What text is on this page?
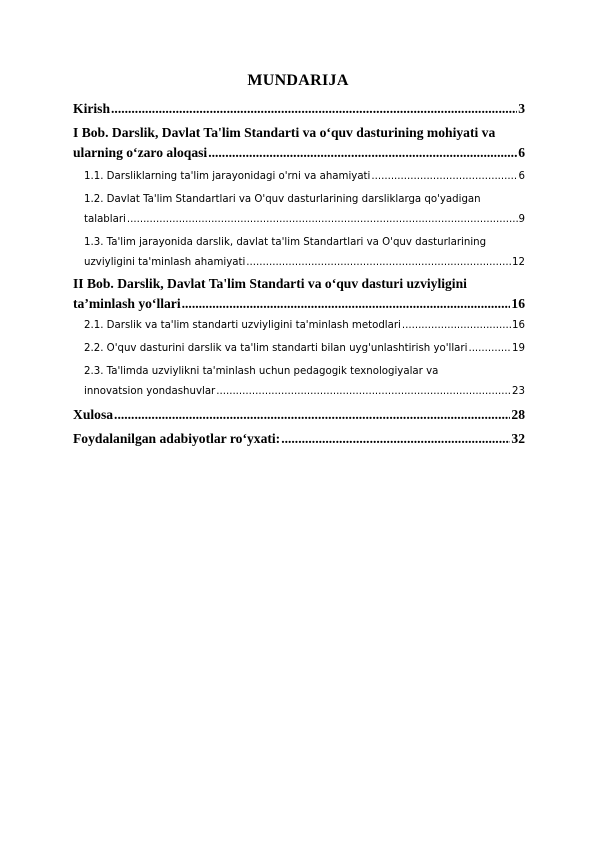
MUNDARIJA
Kirish .....	3
I Bob. Darslik, Davlat Ta'lim Standarti va o‘quv dasturining mohiyati va
ularning o‘zaro aloqasi .....	6
1.1. Darsliklarning ta'lim jarayonidagi o'rni va ahamiyati .....	6
1.2. Davlat Ta'lim Standartlari va O'quv dasturlarining darsliklarga qo'yadigan
talablari .....	9
1.3. Ta'lim jarayonida darslik, davlat ta'lim Standartlari va O'quv dasturlarining
uzviyligini ta'minlash ahamiyati .....	12
II Bob. Darslik, Davlat Ta'lim Standarti va o‘quv dasturi uzviyligini
ta’minlash yo‘llari .....	16
2.1. Darslik va ta'lim standarti uzviyligini ta'minlash metodlari .....	16
2.2. O'quv dasturini darslik va ta'lim standarti bilan uyg'unlashtirish yo'llari .....	19
2.3. Ta'limda uzviylikni ta'minlash uchun pedagogik texnologiyalar va
innovatsion yondashuvlar .....	23
Xulosa .....	28
Foydalanilgan adabiyotlar ro‘yxati: .....	32
